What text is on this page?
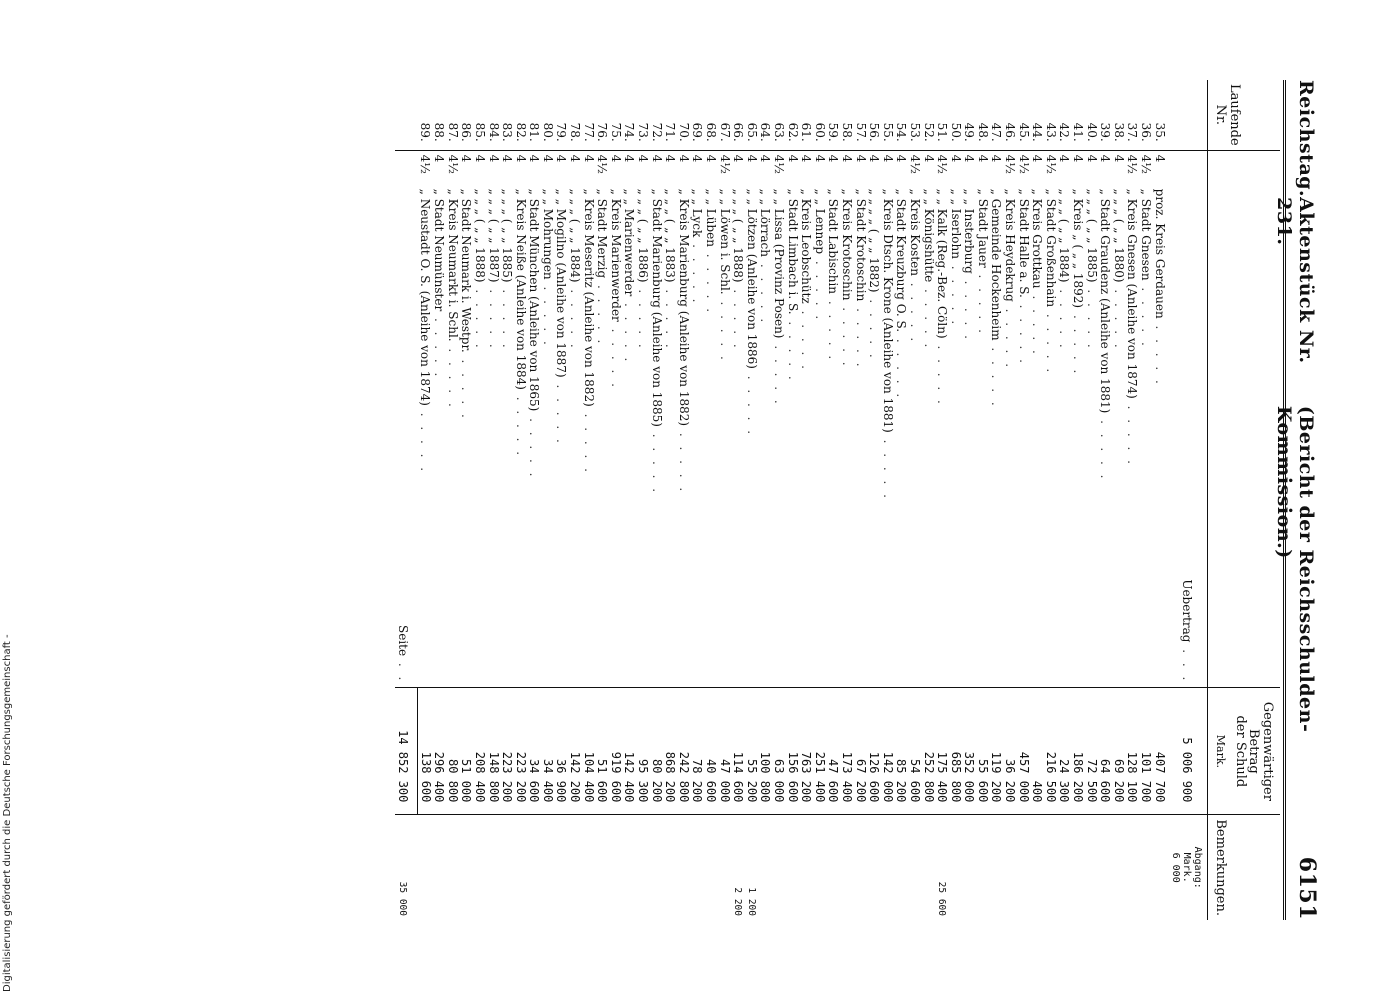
Reichstag.
Aktenstück Nr. 231.
(Bericht der Reichsschulden-Kommission.)
6151
Laufende Nr.			Gegenwärtiger
Betrag
der Schuld
Mark.	Bemerkungen.
		Uebertrag . . .	5 006 900	Abgang:
Mark.
6 000

35.	4	proz. Kreis Gerdauen . . . . .	407 700	
36.	4½	„ Stadt Gnesen . . . . .	101 700	
37.	4½	„ Kreis Gnesen (Anleihe von 1874) . . . . .	128 100	
38.	4	„ „ „ ( „ „ 1880) . . . . .	69 200	
39.	4	„ Stadt Graudenz (Anleihe von 1881) . . . . .	64 600	
40.	4	„ „ „ ( „ „ 1885) . . . . .	72 500	
41.	4	„ Kreis „ ( „ „ 1892) . . . . .	186 200	
42.	4	„ „ „ ( „ „ 1884) . . . . .	24 300	
43.	4½	„ Stadt Großenhain . . . . .	216 500	
44.	4	„ Kreis Grottkau . . . . .	400	
45.	4½	„ Stadt Halle a. S. . . . . .	457 000	
46.	4½	„ Kreis Heydekrug . . . . .	36 200	
47.	4	„ Gemeinde Hockenheim . . . . .	119 200	
48.	4	„ Stadt Jauer . . . . .	55 600	
49.	4	„ „ Insterburg . . . . .	352 000	
50.	4	„ „ Iserlohn . . . . .	685 800	
51.	4½	„ „ Kalk (Reg.-Bez. Cöln) . . . . .	175 400	25 600
52.	4	„ „ Königshütte . . . . .	252 800	
53.	4½	„ Kreis Kosten . . . . .	54 600	
54.	4	„ Stadt Kreuzburg O. S. . . . . .	85 200	
55.	4	„ Kreis Dtsch. Krone (Anleihe von 1881) . . . . .	142 000	
56.	4	„ „ „ „ ( „ „ 1882) . . . . .	126 600	
57.	4	„ Stadt Krotoschin . . . . .	67 200	
58.	4	„ Kreis Krotoschin . . . . .	173 400	
59.	4	„ Stadt Labischin . . . . .	47 600	
60.	4	„ „ Lennep . . . . .	251 400	
61.	4	„ Kreis Leobschütz . . . . .	763 200	
62.	4	„ Stadt Limbach i. S. . . . . .	156 600	
63.	4½	„ „ Lissa (Provinz Posen) . . . . .	63 000	
64.	4	„ „ Lörrach . . . . .	100 800	
65.	4	„ „ Lötzen (Anleihe von 1886) . . . . .	55 200	1 200
66.	4	„ „ „ ( „ „ 1888) . . . . .	114 600	2 200
67.	4½	„ „ Löwen i. Schl. . . . . .	47 000	
68.	4	„ „ Lüben . . . . .	40 600	
69.	4	„ „ Lyck . . . . .	78 200	
70.	4	„ Kreis Marienburg (Anleihe von 1882) . . . . .	242 800	
71.	4	„ „ „ ( „ „ 1883) . . . . .	868 200	
72.	4	„ Stadt Marienburg (Anleihe von 1885) . . . . .	80 200	
73.	4	„ „ „ ( „ „ 1886) . . . . .	95 300	
74.	4	„ „ Marienwerder . . . . .	142 400	
75.	4	„ Kreis Marienwerder . . . . .	919 600	
76.	4½	„ Stadt Merzig . . . . .	51 600	
77.	4	„ Kreis Meseritz (Anleihe von 1882) . . . . .	104 400	
78.	4	„ „ „ ( „ „ 1884) . . . . .	142 200	
79.	4	„ „ Mogilno (Anleihe von 1887) . . . . .	36 900	
80.	4	„ „ Mohrungen . . . . .	34 400	
81.	4	„ Stadt München (Anleihe von 1865) . . . . .	34 600	
82.	4	„ Kreis Neiße (Anleihe von 1884) . . . . .	223 200	
83.	4	„ „ „ ( „ „ 1885) . . . . .	223 200	
84.	4	„ „ „ ( „ „ 1887) . . . . .	148 800	
85.	4	„ „ „ ( „ „ 1888) . . . . .	208 400	
86.	4	„ Stadt Neumark i. Westpr. . . . . .	51 000	
87.	4½	„ Kreis Neumarkt i. Schl. . . . . .	80 800	
88.	4	„ Stadt Neumünster . . . . .	296 400	
89.	4½	„ Neustadt O. S. (Anleihe von 1874) . . . . .	138 600	
		Seite . .	14 852 300	35 000
Digitalisierung gefördert durch die Deutsche Forschungsgemeinschaft -
